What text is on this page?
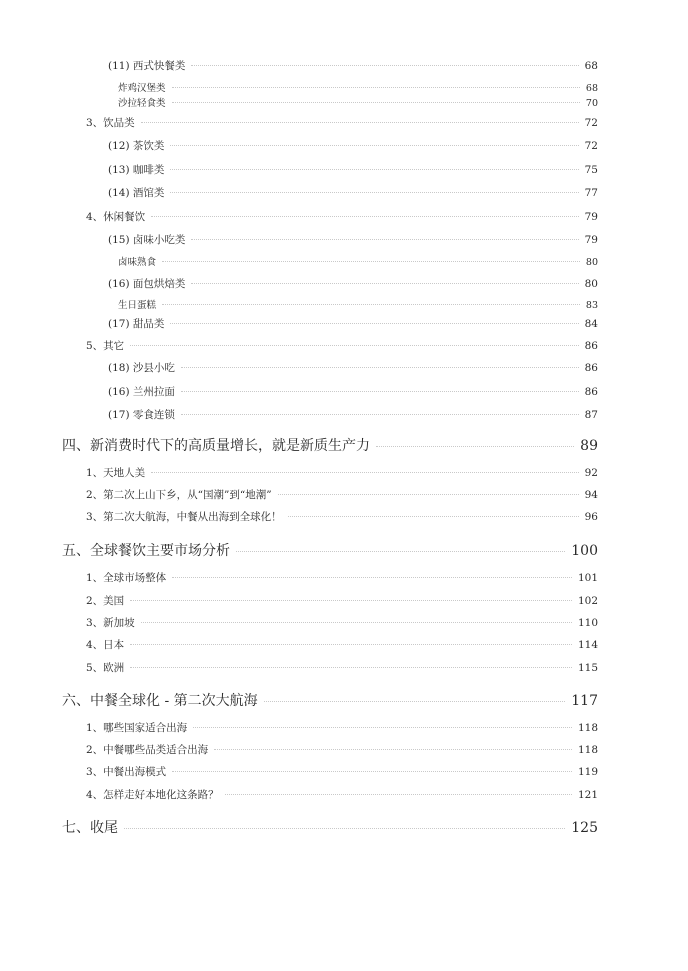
(11) 西式快餐类	68
炸鸡汉堡类	68
沙拉轻食类	70
3、饮品类	72
(12) 茶饮类	72
(13) 咖啡类	75
(14) 酒馆类	77
4、休闲餐饮	79
(15) 卤味小吃类	79
卤味熟食	80
(16) 面包烘焙类	80
生日蛋糕	83
(17) 甜品类	84
5、其它	86
(18) 沙县小吃	86
(16) 兰州拉面	86
(17) 零食连锁	87
四、新消费时代下的高质量增长，就是新质生产力	89
1、天地人美	92
2、第二次上山下乡，从“国潮”到“地潮”	94
3、第二次大航海，中餐从出海到全球化！	96
五、全球餐饮主要市场分析	100
1、全球市场整体	101
2、美国	102
3、新加坡	110
4、日本	114
5、欧洲	115
六、中餐全球化 - 第二次大航海	117
1、哪些国家适合出海	118
2、中餐哪些品类适合出海	118
3、中餐出海模式	119
4、怎样走好本地化这条路？	121
七、收尾	125
